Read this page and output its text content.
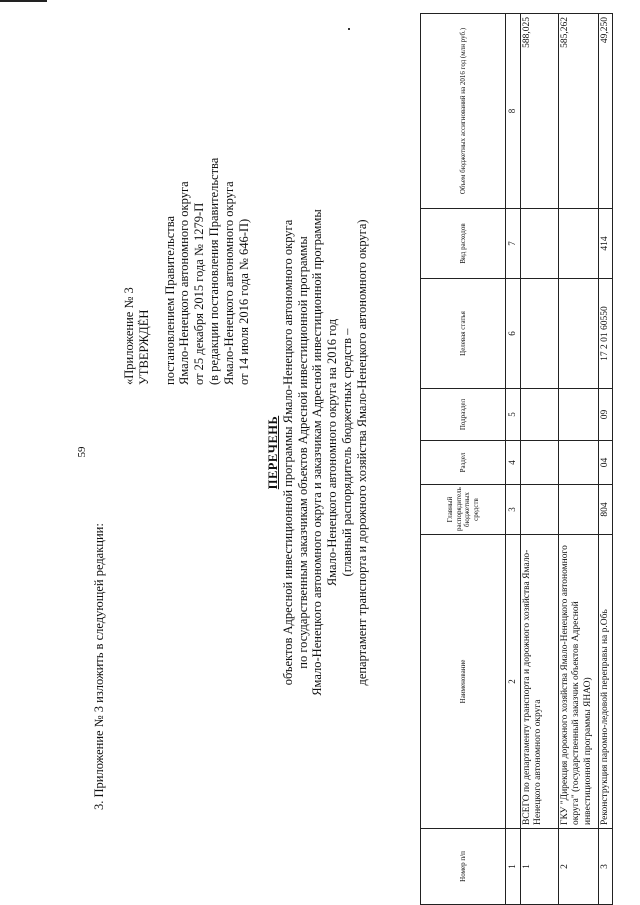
59
3. Приложение № 3 изложить в следующей редакции:
«Приложение № 3 УТВЕРЖДЁН постановлением Правительства Ямало-Ненецкого автономного округа от 25 декабря 2015 года № 1279-П (в редакции постановления Правительства Ямало-Ненецкого автономного округа от 14 июля 2016 года № 646-П)
ПЕРЕЧЕНЬ объектов Адресной инвестиционной программы Ямало-Ненецкого автономного округа по государственным заказчикам объектов Адресной инвестиционной программы Ямало-Ненецкого автономного округа и заказчикам Адресной инвестиционной программы Ямало-Ненецкого автономного округа на 2016 год (главный распорядитель бюджетных средств – департамент транспорта и дорожного хозяйства Ямало-Ненецкого автономного округа)
Номер п/п	Наименование	Главный распорядитель бюджетных средств	Раздел	Подраздел	Целевая статья	Вид расходов	Объем бюджетных ассигнований на 2016 год (млн руб.)
1	2	3	4	5	6	7	8
1	ВСЕГО по департаменту транспорта и дорожного хозяйства Ямало-Ненецкого автономного округа						588,025
2	ГКУ "Дирекция дорожного хозяйства Ямало-Ненецкого автономного округа" (государственный заказчик объектов Адресной инвестиционной программы ЯНАО)						585,262
3	Реконструкция паромно-ледовой переправы на р.Обь	804	04	09	17 2 01 60550	414	49,250
